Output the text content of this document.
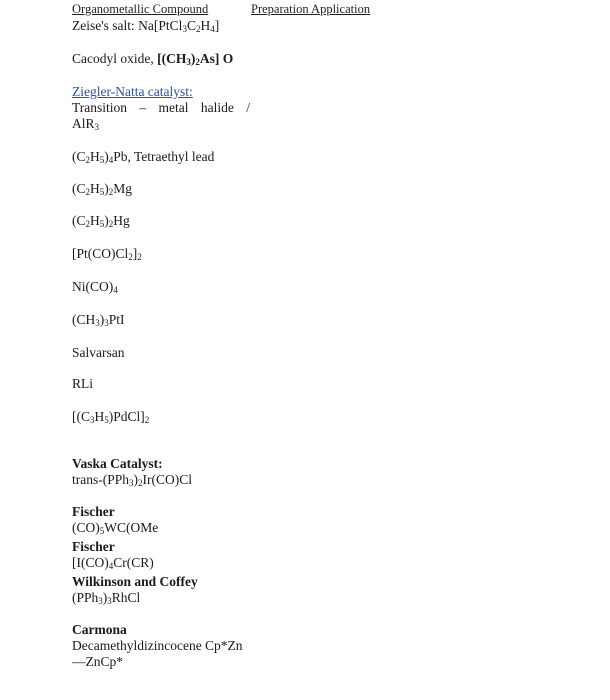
Organometallic Compound	Preparation Application
Zeise's salt: $Na[PtCl_3C_2H_4]$
Cacodyl oxide, $[(CH_3)_2As]$ O
Ziegler-Natta catalyst:
Transition – metal halide /
AlR$_3$
$(C_2H_5)_4Pb$, Tetraethyl lead
$(C_2H_5)_2Mg$
$(C_2H_5)_2Hg$
$[Pt(CO)Cl_2]_2$
$Ni(CO)_4$
$(CH_3)_3PtI$
Salvarsan
RLi
$[(C_3H_5)PdCl]_2$
Vaska Catalyst:
trans-$(PPh_3)_2Ir(CO)Cl$
Fischer
$(CO)_5WC(OMe$
Fischer
[$I(CO)_4Cr(CR)$
Wilkinson and Coffey
$(PPh_3)_3RhCl$
Carmona
Decamethyldizincocene Cp*Zn
—ZnCp*
